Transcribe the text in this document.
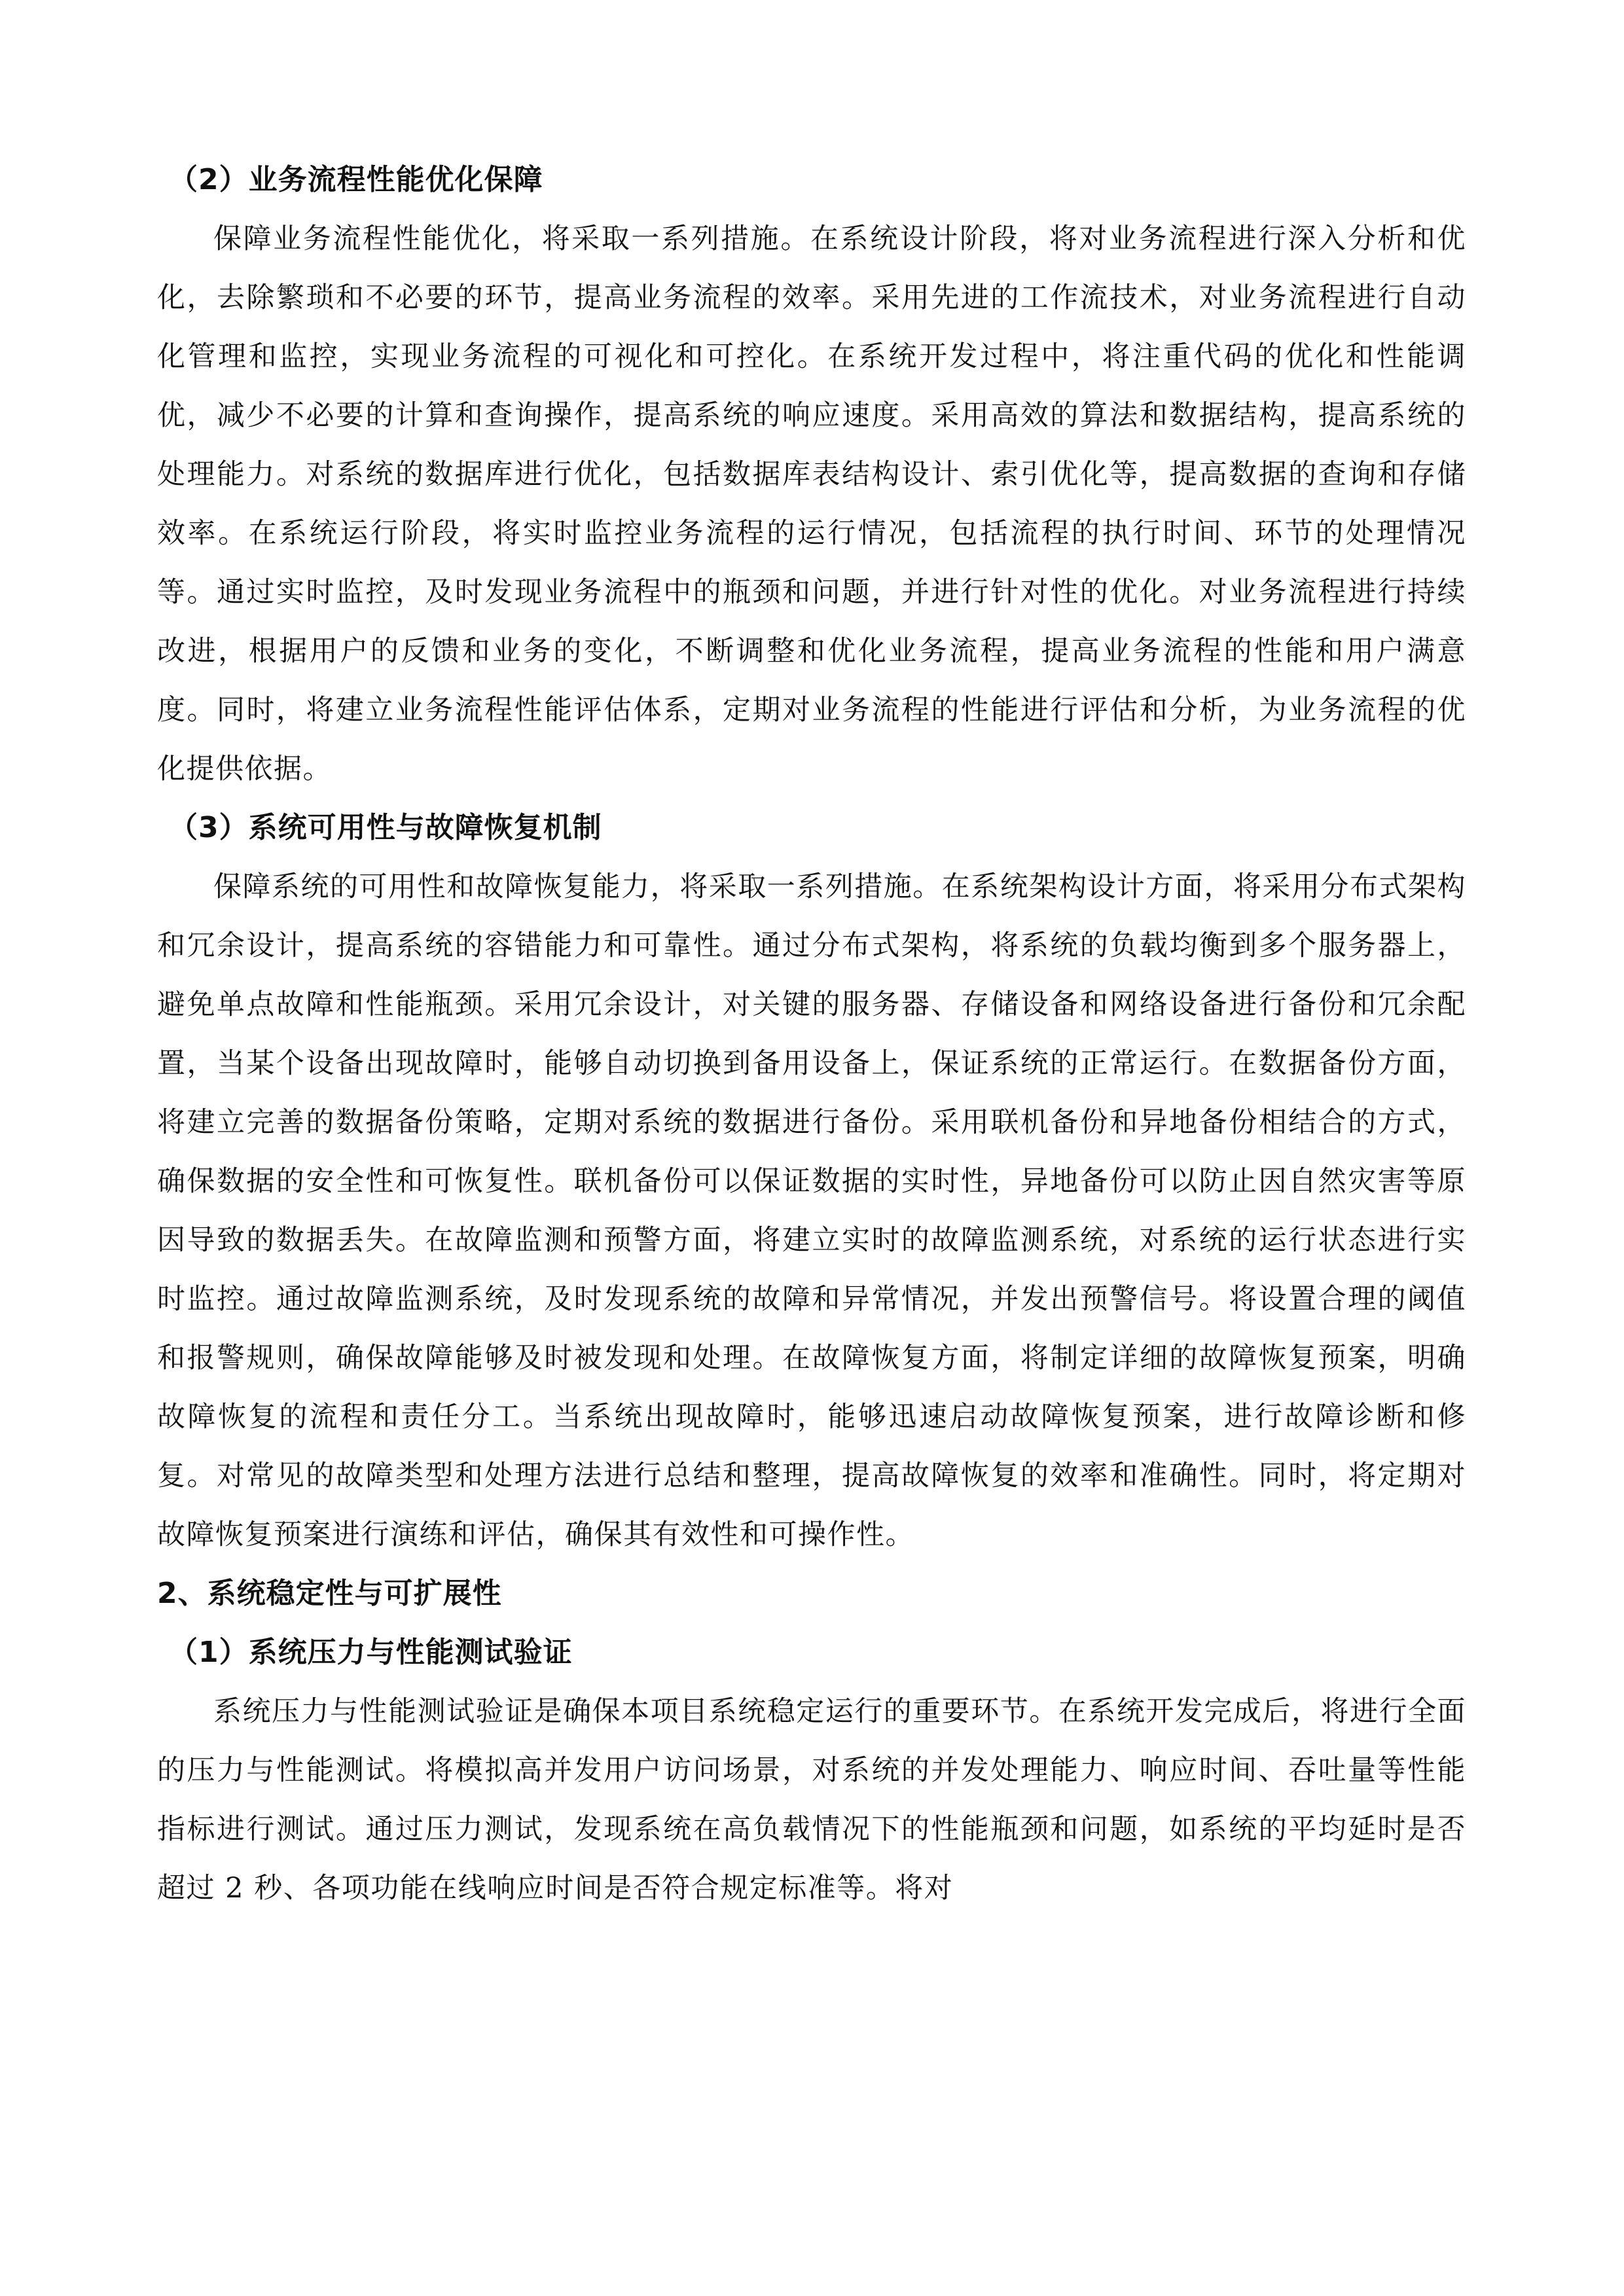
（2）业务流程性能优化保障

保障业务流程性能优化，将采取一系列措施。在系统设计阶段，将对业务流程进行深入分析和优化，去除繁琐和不必要的环节，提高业务流程的效率。采用先进的工作流技术，对业务流程进行自动化管理和监控，实现业务流程的可视化和可控化。在系统开发过程中，将注重代码的优化和性能调优，减少不必要的计算和查询操作，提高系统的响应速度。采用高效的算法和数据结构，提高系统的处理能力。对系统的数据库进行优化，包括数据库表结构设计、索引优化等，提高数据的查询和存储效率。在系统运行阶段，将实时监控业务流程的运行情况，包括流程的执行时间、环节的处理情况等。通过实时监控，及时发现业务流程中的瓶颈和问题，并进行针对性的优化。对业务流程进行持续改进，根据用户的反馈和业务的变化，不断调整和优化业务流程，提高业务流程的性能和用户满意度。同时，将建立业务流程性能评估体系，定期对业务流程的性能进行评估和分析，为业务流程的优化提供依据。

（3）系统可用性与故障恢复机制

保障系统的可用性和故障恢复能力，将采取一系列措施。在系统架构设计方面，将采用分布式架构和冗余设计，提高系统的容错能力和可靠性。通过分布式架构，将系统的负载均衡到多个服务器上，避免单点故障和性能瓶颈。采用冗余设计，对关键的服务器、存储设备和网络设备进行备份和冗余配置，当某个设备出现故障时，能够自动切换到备用设备上，保证系统的正常运行。在数据备份方面，将建立完善的数据备份策略，定期对系统的数据进行备份。采用联机备份和异地备份相结合的方式，确保数据的安全性和可恢复性。联机备份可以保证数据的实时性，异地备份可以防止因自然灾害等原因导致的数据丢失。在故障监测和预警方面，将建立实时的故障监测系统，对系统的运行状态进行实时监控。通过故障监测系统，及时发现系统的故障和异常情况，并发出预警信号。将设置合理的阈值和报警规则，确保故障能够及时被发现和处理。在故障恢复方面，将制定详细的故障恢复预案，明确故障恢复的流程和责任分工。当系统出现故障时，能够迅速启动故障恢复预案，进行故障诊断和修复。对常见的故障类型和处理方法进行总结和整理，提高故障恢复的效率和准确性。同时，将定期对故障恢复预案进行演练和评估，确保其有效性和可操作性。

2、系统稳定性与可扩展性
（1）系统压力与性能测试验证

系统压力与性能测试验证是确保本项目系统稳定运行的重要环节。在系统开发完成后，将进行全面的压力与性能测试。将模拟高并发用户访问场景，对系统的并发处理能力、响应时间、吞吐量等性能指标进行测试。通过压力测试，发现系统在高负载情况下的性能瓶颈和问题，如系统的平均延时是否超过 2 秒、各项功能在线响应时间是否符合规定标准等。将对
